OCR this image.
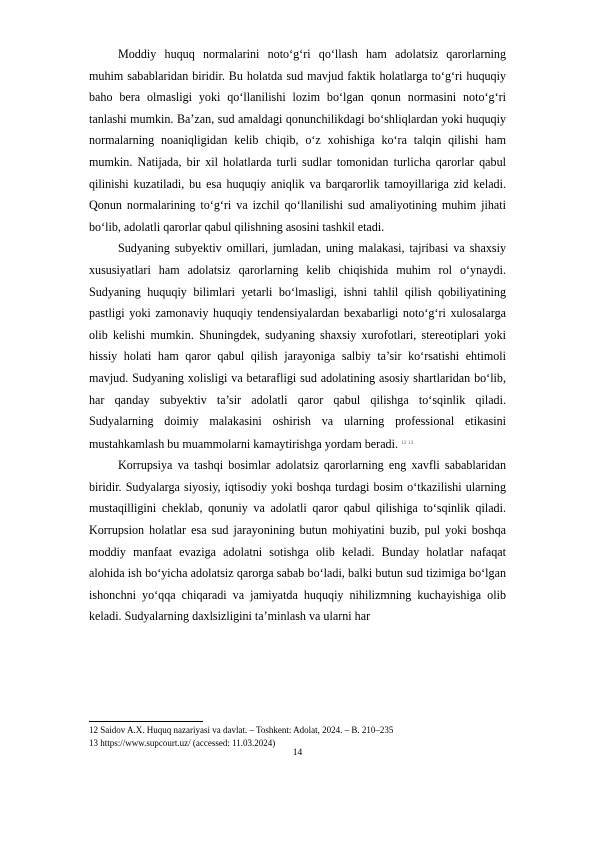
Moddiy huquq normalarini noto‘g‘ri qo‘llash ham adolatsiz qarorlarning muhim sabablaridan biridir. Bu holatda sud mavjud faktik holatlarga to‘g‘ri huquqiy baho bera olmasligi yoki qo‘llanilishi lozim bo‘lgan qonun normasini noto‘g‘ri tanlashi mumkin. Ba’zan, sud amaldagi qonunchilikdagi bo‘shliqlardan yoki huquqiy normalarning noaniqligidan kelib chiqib, o‘z xohishiga ko‘ra talqin qilishi ham mumkin. Natijada, bir xil holatlarda turli sudlar tomonidan turlicha qarorlar qabul qilinishi kuzatiladi, bu esa huquqiy aniqlik va barqarorlik tamoyillariga zid keladi. Qonun normalarining to‘g‘ri va izchil qo‘llanilishi sud amaliyotining muhim jihati bo‘lib, adolatli qarorlar qabul qilishning asosini tashkil etadi.

Sudyaning subyektiv omillari, jumladan, uning malakasi, tajribasi va shaxsiy xususiyatlari ham adolatsiz qarorlarning kelib chiqishida muhim rol o‘ynaydi. Sudyaning huquqiy bilimlari yetarli bo‘lmasligi, ishni tahlil qilish qobiliyatining pastligi yoki zamonaviy huquqiy tendensiyalardan bexabarligi noto‘g‘ri xulosalarga olib kelishi mumkin. Shuningdek, sudyaning shaxsiy xurofotlari, stereotiplari yoki hissiy holati ham qaror qabul qilish jarayoniga salbiy ta’sir ko‘rsatishi ehtimoli mavjud. Sudyaning xolisligi va betarafligi sud adolatining asosiy shartlaridan bo‘lib, har qanday subyektiv ta’sir adolatli qaror qabul qilishga to‘sqinlik qiladi. Sudyalarning doimiy malakasini oshirish va ularning professional etikasini mustahkamlash bu muammolarni kamaytirishga yordam beradi. $^{12 13}$

Korrupsiya va tashqi bosimlar adolatsiz qarorlarning eng xavfli sabablaridan biridir. Sudyalarga siyosiy, iqtisodiy yoki boshqa turdagi bosim o‘tkazilishi ularning mustaqilligini cheklab, qonuniy va adolatli qaror qabul qilishiga to‘sqinlik qiladi. Korrupsion holatlar esa sud jarayonining butun mohiyatini buzib, pul yoki boshqa moddiy manfaat evaziga adolatni sotishga olib keladi. Bunday holatlar nafaqat alohida ish bo‘yicha adolatsiz qarorga sabab bo‘ladi, balki butun sud tizimiga bo‘lgan ishonchni yo‘qqa chiqaradi va jamiyatda huquqiy nihilizmning kuchayishiga olib keladi. Sudyalarning daxlsizligini ta’minlash va ularni har

12 Saidov A.X. Huquq nazariyasi va davlat. – Toshkent: Adolat, 2024. – B. 210–235
13 https://www.supcourt.uz/ (accessed: 11.03.2024)
14
